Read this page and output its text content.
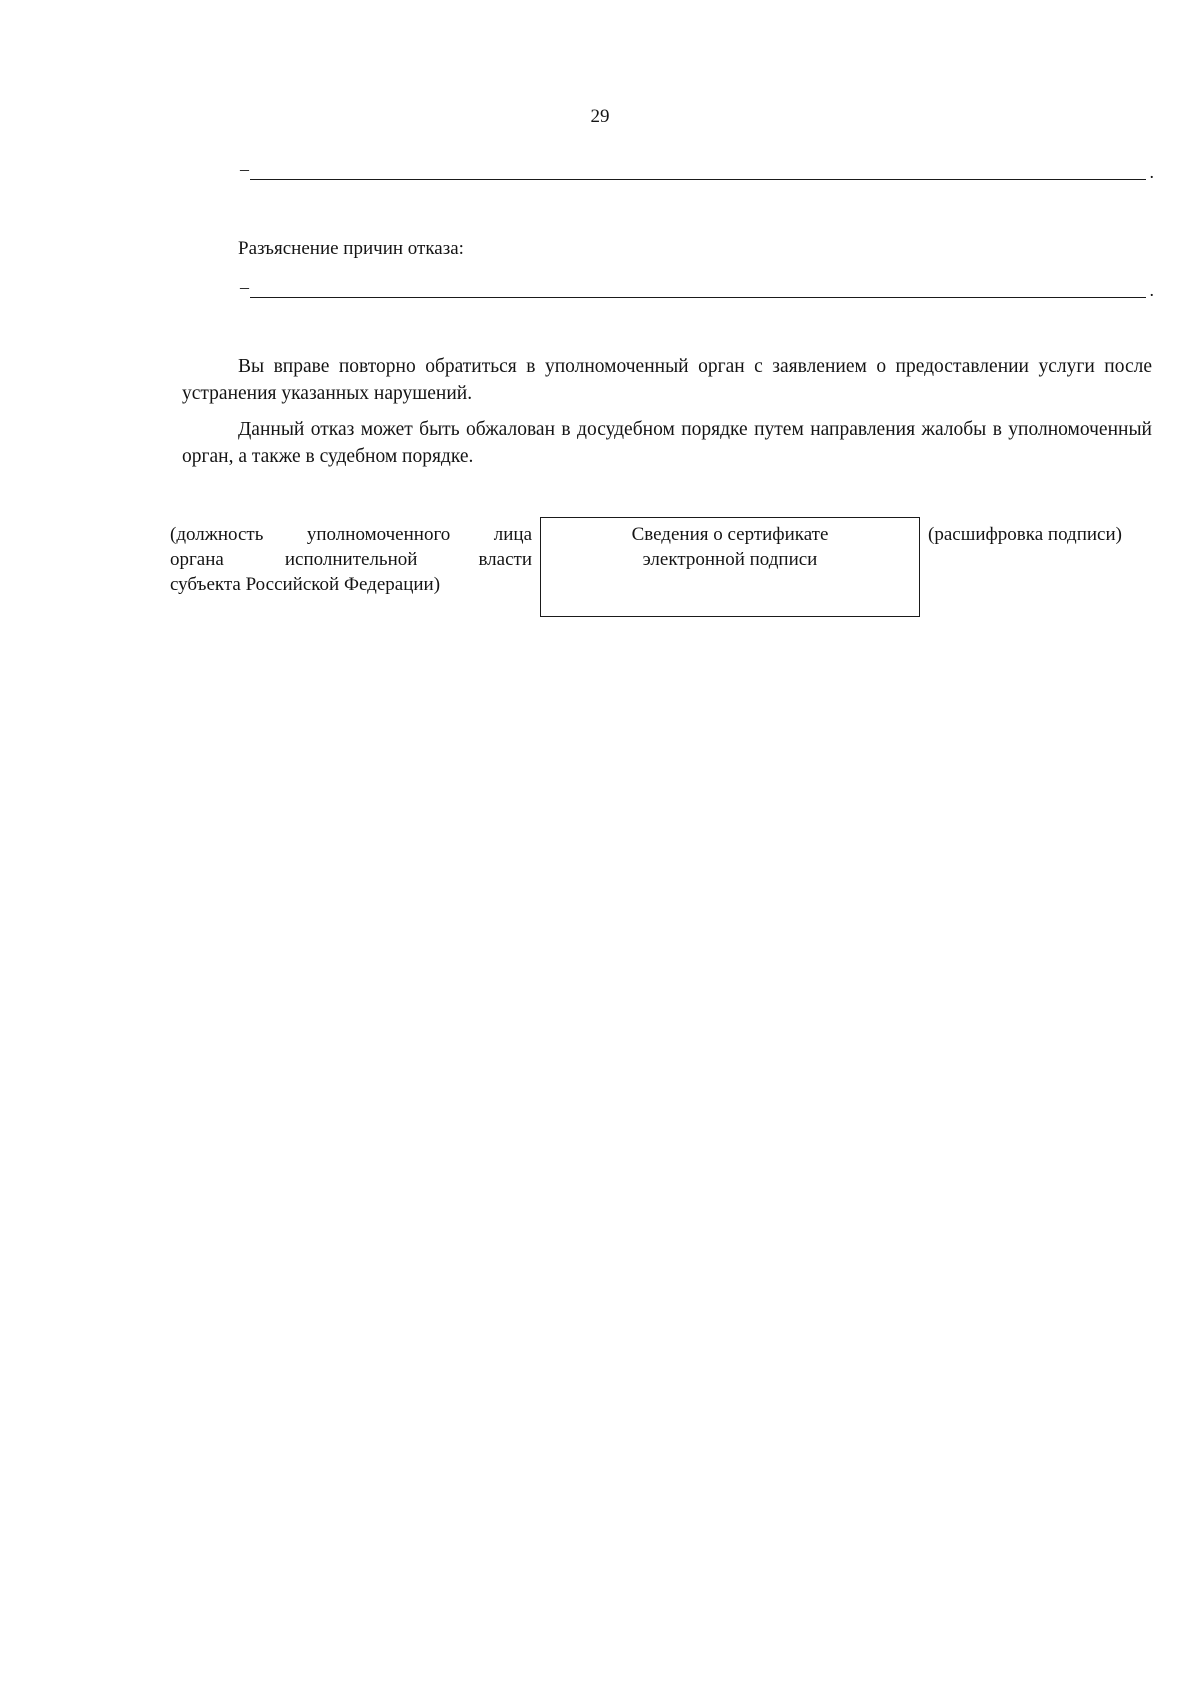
29
–	.
Разъяснение причин отказа:
–	.

Вы вправе повторно обратиться в уполномоченный орган с заявлением о предоставлении услуги после устранения указанных нарушений.

Данный отказ может быть обжалован в досудебном порядке путем направления жалобы в уполномоченный орган, а также в судебном порядке.

(должность уполномоченного лица
органа исполнительной власти
субъекта Российской Федерации)
Сведения о сертификате
электронной подписи
(расшифровка подписи)
